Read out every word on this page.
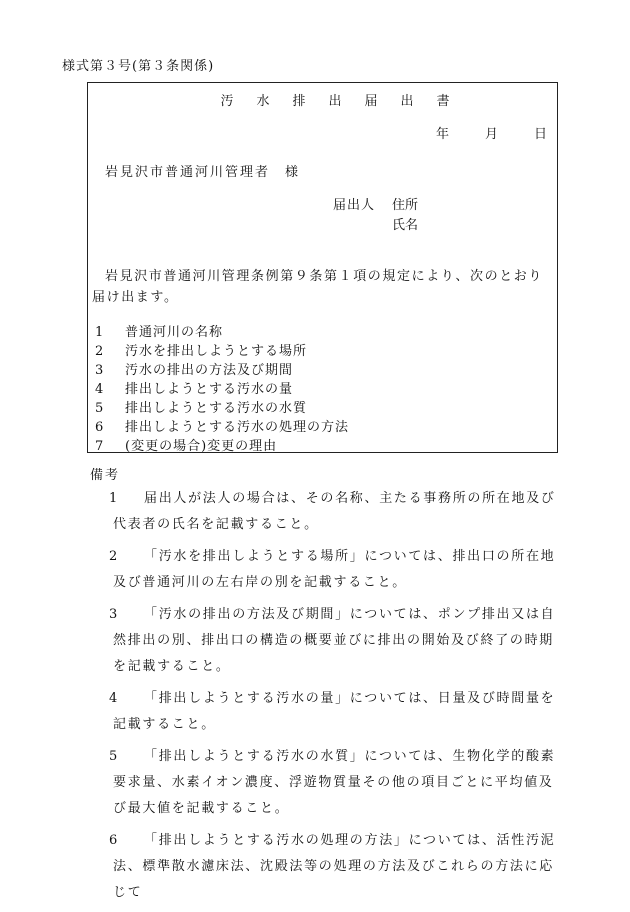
様式第３号(第３条関係)
汚 水 排 出 届 出 書
年	月	日
岩見沢市普通河川管理者　様
届出人 住所
氏名
岩見沢市普通河川管理条例第９条第１項の規定により、次のとおり届け出ます。
1 普通河川の名称
2 汚水を排出しようとする場所
3 汚水の排出の方法及び期間
4 排出しようとする汚水の量
5 排出しようとする汚水の水質
6 排出しようとする汚水の処理の方法
7 (変更の場合)変更の理由
備考
1 届出人が法人の場合は、その名称、主たる事務所の所在地及び代表者の氏名を記載すること。
2 「汚水を排出しようとする場所」については、排出口の所在地及び普通河川の左右岸の別を記載すること。
3 「汚水の排出の方法及び期間」については、ポンプ排出又は自然排出の別、排出口の構造の概要並びに排出の開始及び終了の時期を記載すること。
4 「排出しようとする汚水の量」については、日量及び時間量を記載すること。
5 「排出しようとする汚水の水質」については、生物化学的酸素要求量、水素イオン濃度、浮遊物質量その他の項目ごとに平均値及び最大値を記載すること。
6 「排出しようとする汚水の処理の方法」については、活性汚泥法、標準散水濾床法、沈殿法等の処理の方法及びこれらの方法に応じて
